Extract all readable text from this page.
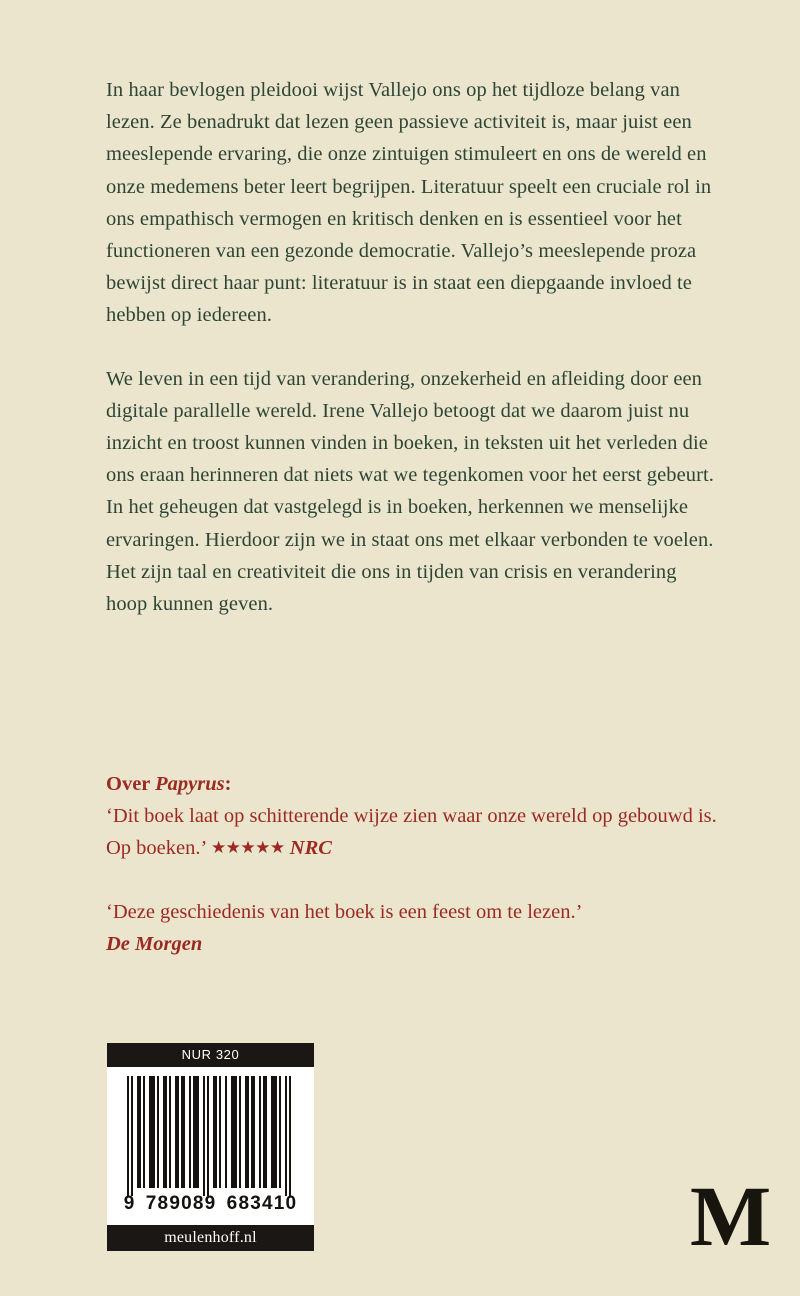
In haar bevlogen pleidooi wijst Vallejo ons op het tijdloze belang van lezen. Ze benadrukt dat lezen geen passieve activiteit is, maar juist een meeslepende ervaring, die onze zintuigen stimuleert en ons de wereld en onze medemens beter leert begrijpen. Literatuur speelt een cruciale rol in ons empathisch vermogen en kritisch denken en is essentieel voor het functioneren van een gezonde democratie. Vallejo’s meeslepende proza bewijst direct haar punt: literatuur is in staat een diepgaande invloed te hebben op iedereen.

We leven in een tijd van verandering, onzekerheid en afleiding door een digitale parallelle wereld. Irene Vallejo betoogt dat we daarom juist nu inzicht en troost kunnen vinden in boeken, in teksten uit het verleden die ons eraan herinneren dat niets wat we tegenkomen voor het eerst gebeurt. In het geheugen dat vastgelegd is in boeken, herkennen we menselijke ervaringen. Hierdoor zijn we in staat ons met elkaar verbonden te voelen. Het zijn taal en creativiteit die ons in tijden van crisis en verandering hoop kunnen geven.

Over Papyrus:

‘Dit boek laat op schitterende wijze zien waar onze wereld op gebouwd is. Op boeken.’ ★★★★★ NRC

‘Deze geschiedenis van het boek is een feest om te lezen.’

De Morgen

NUR 320
9 789089 683410
meulenhoff.nl	M
